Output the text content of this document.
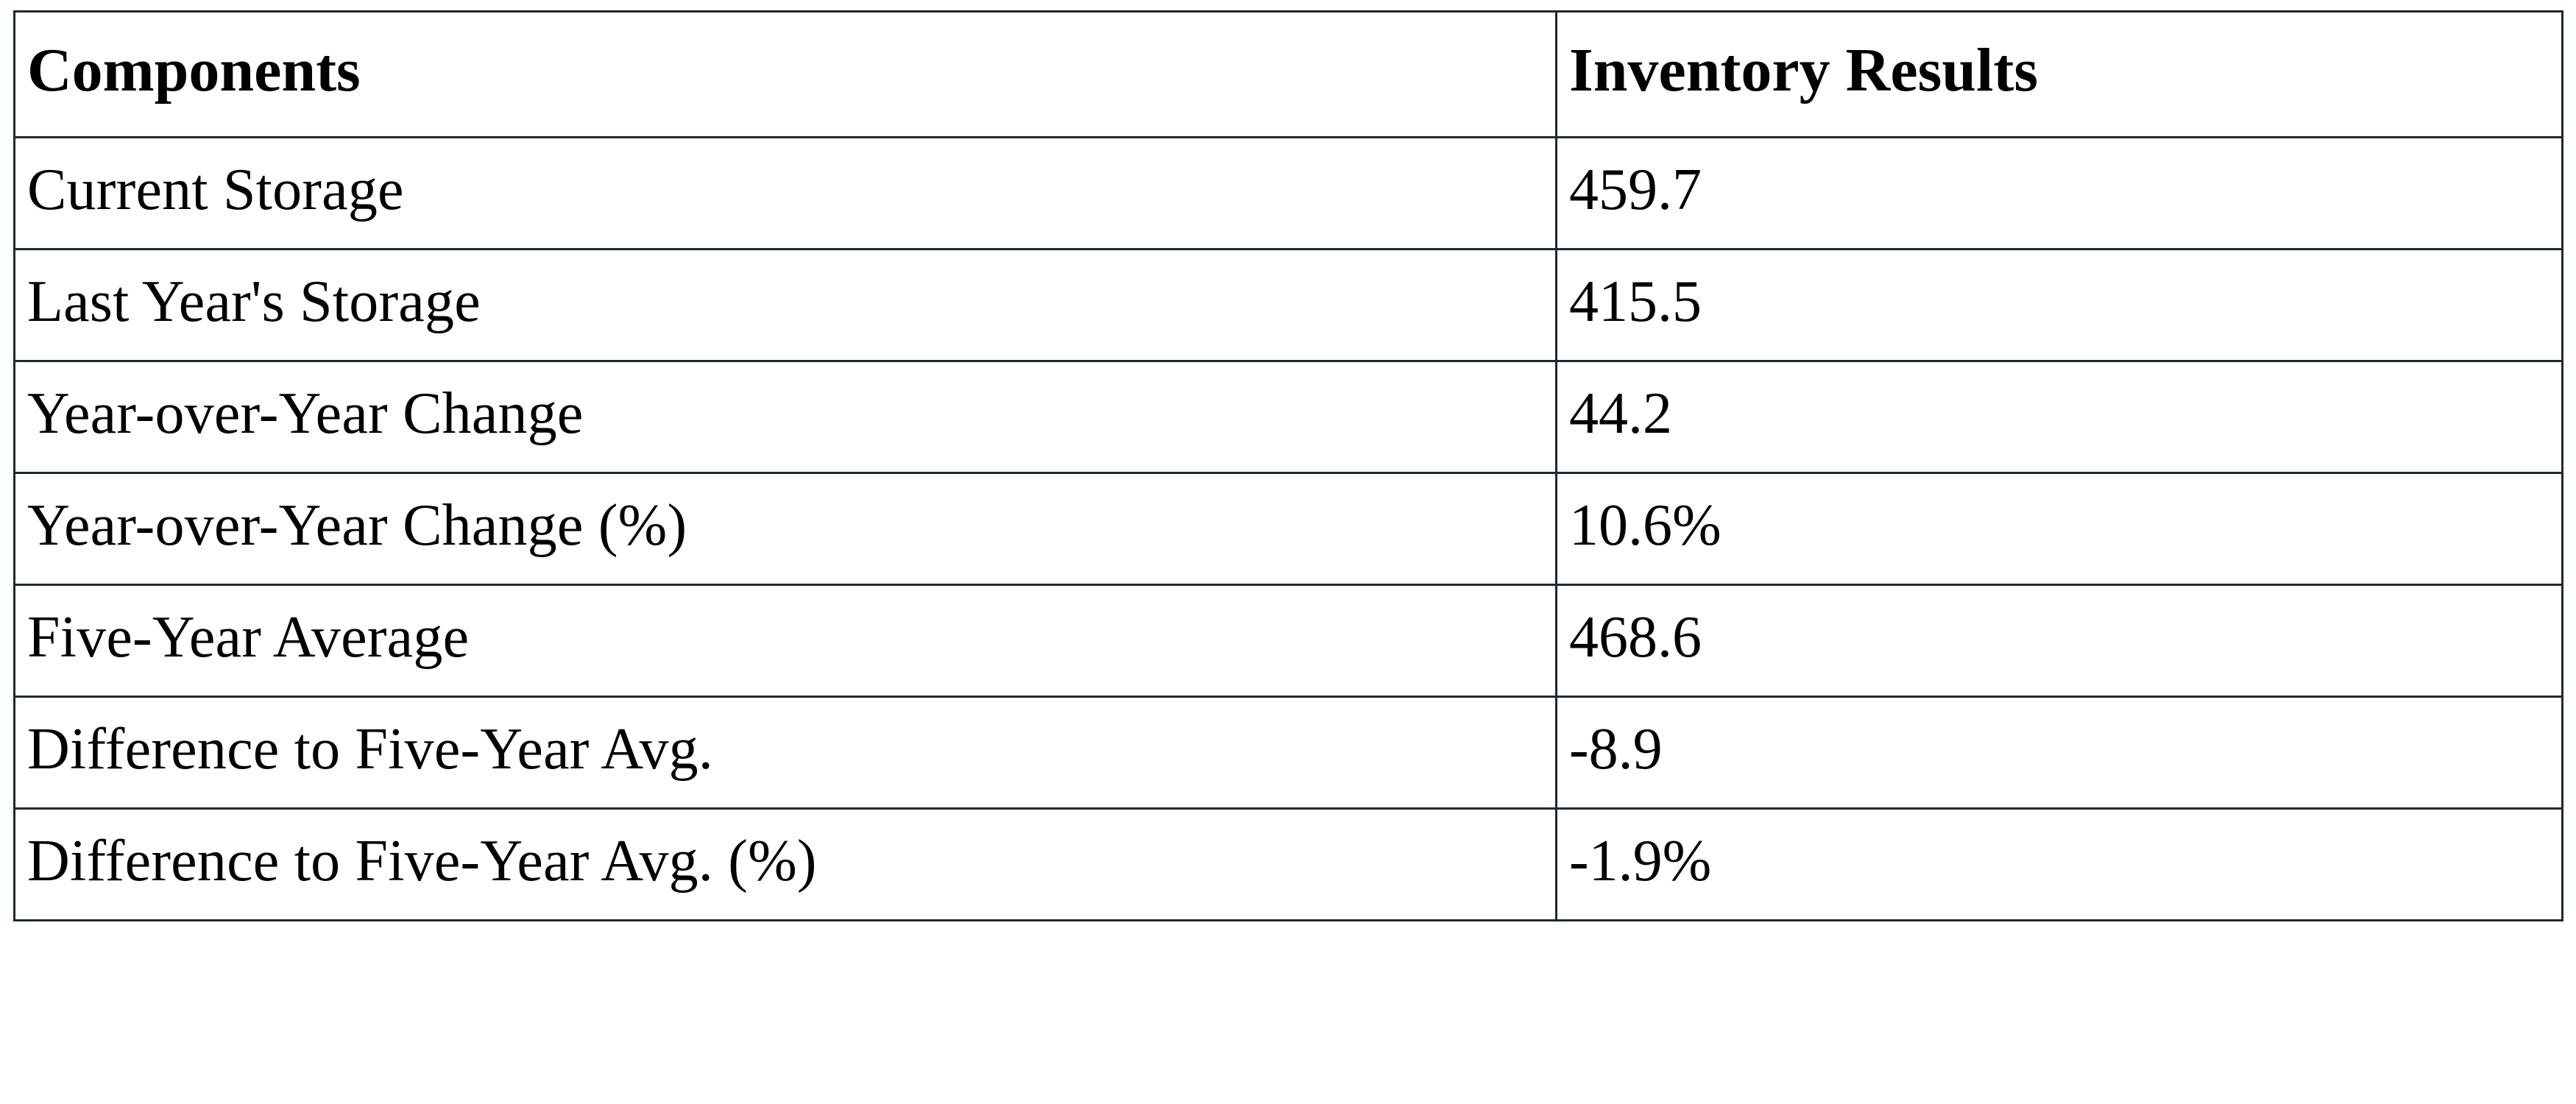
Components	Inventory Results
Current Storage	459.7
Last Year's Storage	415.5
Year-over-Year Change	44.2
Year-over-Year Change (%)	10.6%
Five-Year Average	468.6
Difference to Five-Year Avg.	-8.9
Difference to Five-Year Avg. (%)	-1.9%
